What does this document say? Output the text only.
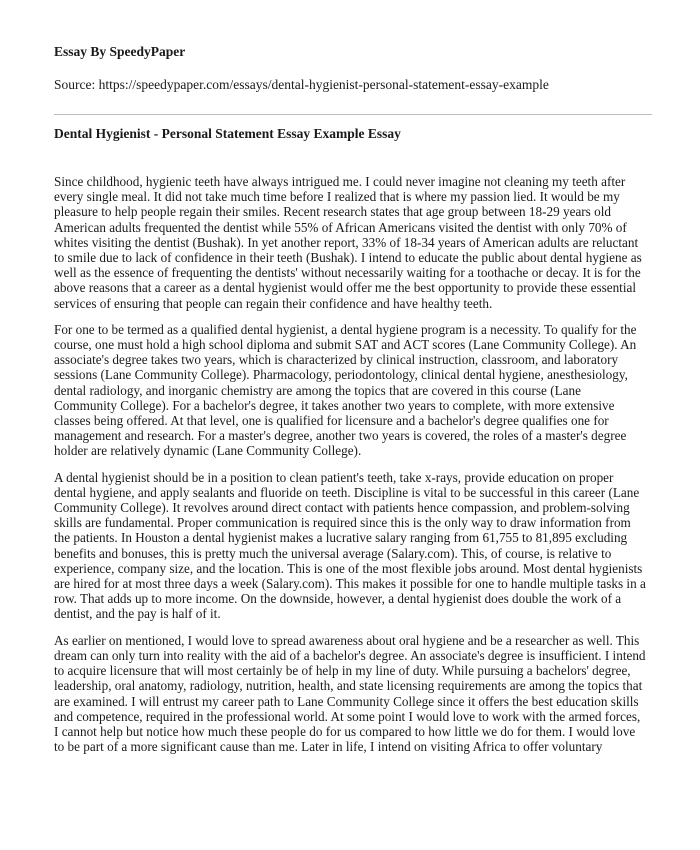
Essay By SpeedyPaper
Source: https://speedypaper.com/essays/dental-hygienist-personal-statement-essay-example
Dental Hygienist - Personal Statement Essay Example Essay

Since childhood, hygienic teeth have always intrigued me. I could never imagine not cleaning my teeth after every single meal. It did not take much time before I realized that is where my passion lied. It would be my pleasure to help people regain their smiles. Recent research states that age group between 18-29 years old American adults frequented the dentist while 55% of African Americans visited the dentist with only 70% of whites visiting the dentist (Bushak). In yet another report, 33% of 18-34 years of American adults are reluctant to smile due to lack of confidence in their teeth (Bushak). I intend to educate the public about dental hygiene as well as the essence of frequenting the dentists' without necessarily waiting for a toothache or decay. It is for the above reasons that a career as a dental hygienist would offer me the best opportunity to provide these essential services of ensuring that people can regain their confidence and have healthy teeth.

For one to be termed as a qualified dental hygienist, a dental hygiene program is a necessity. To qualify for the course, one must hold a high school diploma and submit SAT and ACT scores (Lane Community College). An associate's degree takes two years, which is characterized by clinical instruction, classroom, and laboratory sessions (Lane Community College). Pharmacology, periodontology, clinical dental hygiene, anesthesiology, dental radiology, and inorganic chemistry are among the topics that are covered in this course (Lane Community College). For a bachelor's degree, it takes another two years to complete, with more extensive classes being offered. At that level, one is qualified for licensure and a bachelor's degree qualifies one for management and research. For a master's degree, another two years is covered, the roles of a master's degree holder are relatively dynamic (Lane Community College).

A dental hygienist should be in a position to clean patient's teeth, take x-rays, provide education on proper dental hygiene, and apply sealants and fluoride on teeth. Discipline is vital to be successful in this career (Lane Community College). It revolves around direct contact with patients hence compassion, and problem-solving skills are fundamental. Proper communication is required since this is the only way to draw information from the patients. In Houston a dental hygienist makes a lucrative salary ranging from 61,755 to 81,895 excluding benefits and bonuses, this is pretty much the universal average (Salary.com). This, of course, is relative to experience, company size, and the location. This is one of the most flexible jobs around. Most dental hygienists are hired for at most three days a week (Salary.com). This makes it possible for one to handle multiple tasks in a row. That adds up to more income. On the downside, however, a dental hygienist does double the work of a dentist, and the pay is half of it.

As earlier on mentioned, I would love to spread awareness about oral hygiene and be a researcher as well. This dream can only turn into reality with the aid of a bachelor's degree. An associate's degree is insufficient. I intend to acquire licensure that will most certainly be of help in my line of duty. While pursuing a bachelors' degree, leadership, oral anatomy, radiology, nutrition, health, and state licensing requirements are among the topics that are examined. I will entrust my career path to Lane Community College since it offers the best education skills and competence, required in the professional world. At some point I would love to work with the armed forces, I cannot help but notice how much these people do for us compared to how little we do for them. I would love to be part of a more significant cause than me. Later in life, I intend on visiting Africa to offer voluntary
